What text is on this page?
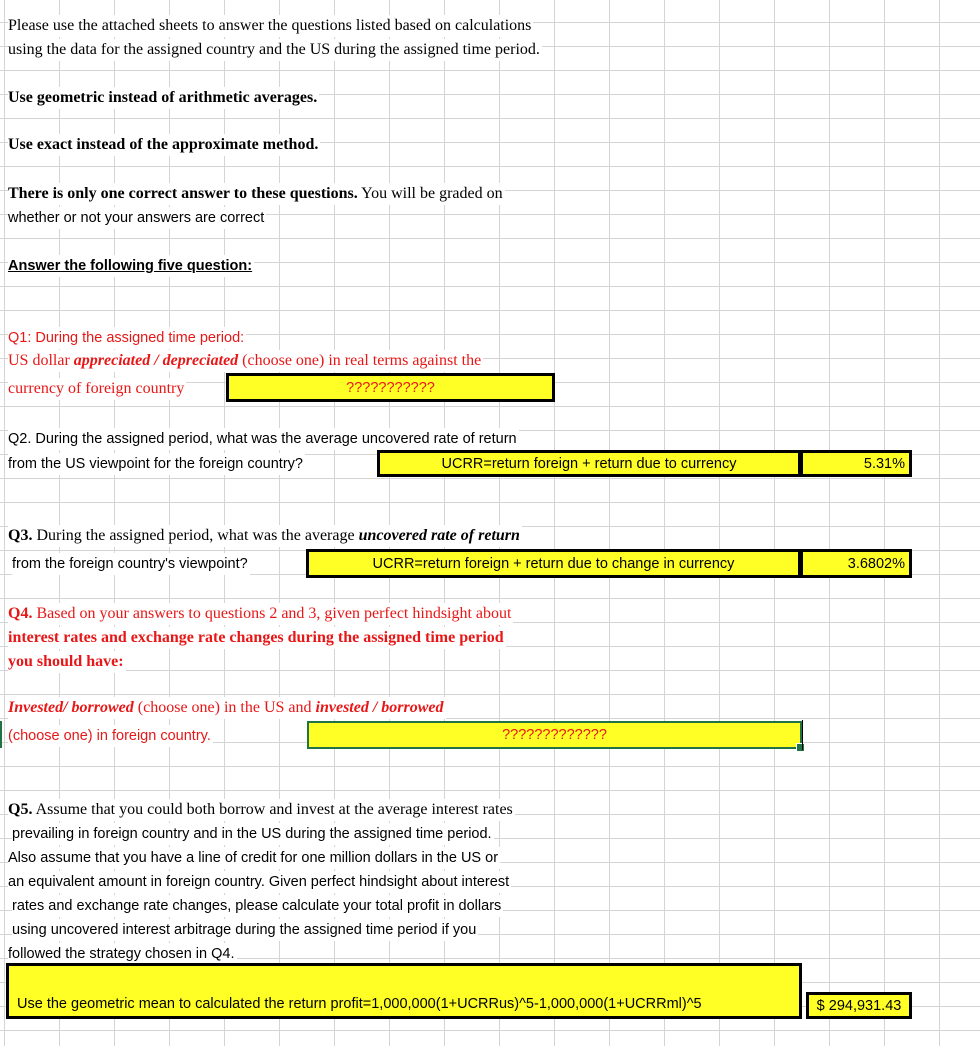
Please use the attached sheets to answer the questions listed based on calculations
using the data for the assigned country and the US during the assigned time period.
Use geometric instead of arithmetic averages.
Use exact instead of the approximate method.
There is only one correct answer to these questions. You will be graded on
whether or not your answers are correct
Answer the following five question:
Q1: During the assigned time period:
US dollar appreciated / depreciated (choose one) in real terms against the
currency of foreign country	???????????
Q2. During the assigned period, what was the average uncovered rate of return
from the US viewpoint for the foreign country?	UCRR=return foreign + return due to currency	5.31%
Q3. During the assigned period, what was the average uncovered rate of return
from the foreign country's viewpoint?	UCRR=return foreign + return due to change in currency	3.6802%
Q4. Based on your answers to questions 2 and 3, given perfect hindsight about
interest rates and exchange rate changes during the assigned time period
you should have:
Invested/ borrowed (choose one) in the US and invested / borrowed
(choose one) in foreign country.	?????????????
Q5. Assume that you could both borrow and invest at the average interest rates
prevailing in foreign country and in the US during the assigned time period.
Also assume that you have a line of credit for one million dollars in the US or
an equivalent amount in foreign country. Given perfect hindsight about interest
rates and exchange rate changes, please calculate your total profit in dollars
using uncovered interest arbitrage during the assigned time period if you
followed the strategy chosen in Q4.
Use the geometric mean to calculated the return profit=1,000,000(1+UCRRus)^5-1,000,000(1+UCRRml)^5	$ 294,931.43
